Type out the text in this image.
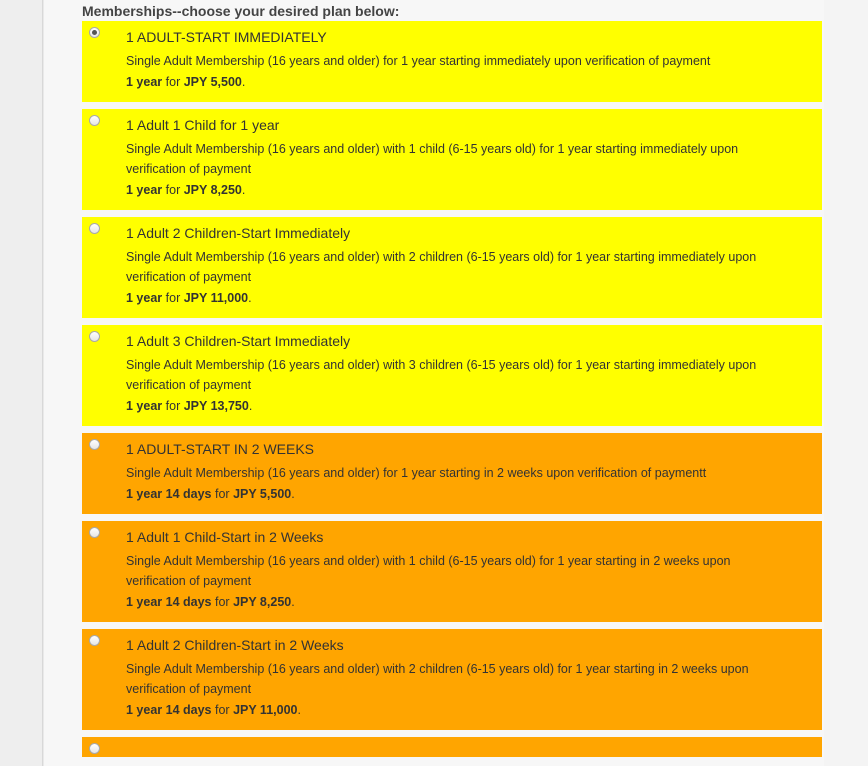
Memberships--choose your desired plan below:
1 ADULT-START IMMEDIATELY
Single Adult Membership (16 years and older) for 1 year starting immediately upon verification of payment
1 year for JPY 5,500.
1 Adult 1 Child for 1 year
Single Adult Membership (16 years and older) with 1 child (6-15 years old) for 1 year starting immediately upon verification of payment
1 year for JPY 8,250.
1 Adult 2 Children-Start Immediately
Single Adult Membership (16 years and older) with 2 children (6-15 years old) for 1 year starting immediately upon verification of payment
1 year for JPY 11,000.
1 Adult 3 Children-Start Immediately
Single Adult Membership (16 years and older) with 3 children (6-15 years old) for 1 year starting immediately upon verification of payment
1 year for JPY 13,750.
1 ADULT-START IN 2 WEEKS
Single Adult Membership (16 years and older) for 1 year starting in 2 weeks upon verification of paymentt
1 year 14 days for JPY 5,500.
1 Adult 1 Child-Start in 2 Weeks
Single Adult Membership (16 years and older) with 1 child (6-15 years old) for 1 year starting in 2 weeks upon verification of payment
1 year 14 days for JPY 8,250.
1 Adult 2 Children-Start in 2 Weeks
Single Adult Membership (16 years and older) with 2 children (6-15 years old) for 1 year starting in 2 weeks upon verification of payment
1 year 14 days for JPY 11,000.
